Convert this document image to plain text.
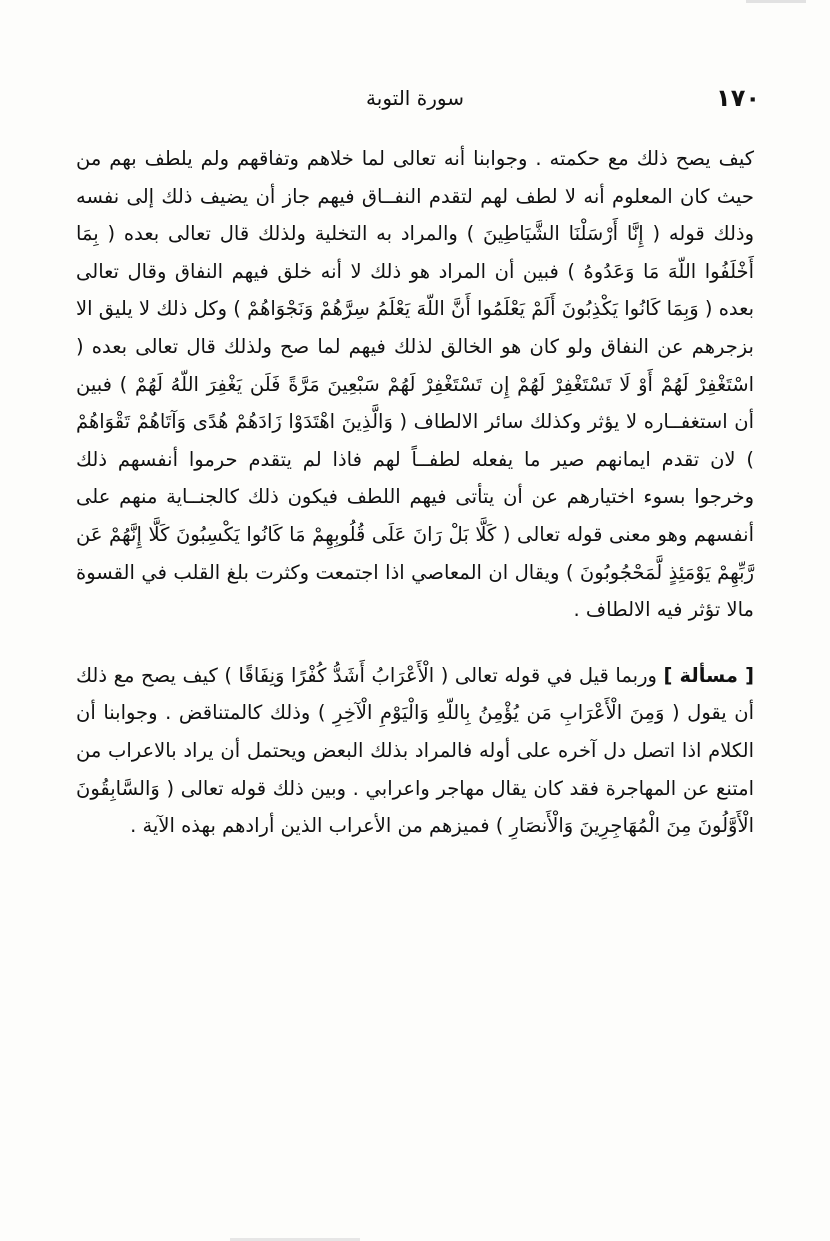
١٧٠
سورة التوبة

كيف يصح ذلك مع حكمته . وجوابنا أنه تعالى لما خلاهم وتفاقهم ولم يلطف بهم من حيث كان المعلوم أنه لا لطف لهم لتقدم النفــاق فيهم جاز أن يضيف ذلك إلى نفسه وذلك قوله ( إِنَّا أَرْسَلْنَا الشَّيَاطِينَ ) والمراد به التخلية ولذلك قال تعالى بعده ( بِمَا أَخْلَفُوا اللّهَ مَا وَعَدُوهُ ) فبين أن المراد هو ذلك لا أنه خلق فيهم النفاق وقال تعالى بعده ( وَبِمَا كَانُوا يَكْذِبُونَ أَلَمْ يَعْلَمُوا أَنَّ اللّهَ يَعْلَمُ سِرَّهُمْ وَنَجْوَاهُمْ ) وكل ذلك لا يليق الا بزجرهم عن النفاق ولو كان هو الخالق لذلك فيهم لما صح ولذلك قال تعالى بعده ( اسْتَغْفِرْ لَهُمْ أَوْ لَا تَسْتَغْفِرْ لَهُمْ إِن تَسْتَغْفِرْ لَهُمْ سَبْعِينَ مَرَّةً فَلَن يَغْفِرَ اللّهُ لَهُمْ ) فبين أن استغفــاره لا يؤثر وكذلك سائر الالطاف ( وَالَّذِينَ اهْتَدَوْا زَادَهُمْ هُدًى وَآتَاهُمْ تَقْوَاهُمْ ) لان تقدم ايمانهم صير ما يفعله لطفــاً لهم فاذا لم يتقدم حرموا أنفسهم ذلك وخرجوا بسوء اختيارهم عن أن يتأتى فيهم اللطف فيكون ذلك كالجنــاية منهم على أنفسهم وهو معنى قوله تعالى ( كَلَّا بَلْ رَانَ عَلَى قُلُوبِهِمْ مَا كَانُوا يَكْسِبُونَ كَلَّا إِنَّهُمْ عَن رَّبِّهِمْ يَوْمَئِذٍ لَّمَحْجُوبُونَ ) ويقال ان المعاصي اذا اجتمعت وكثرت بلغ القلب في القسوة مالا تؤثر فيه الالطاف .

[ مسألة ] وربما قيل في قوله تعالى ( الْأَعْرَابُ أَشَدُّ كُفْرًا وَنِفَاقًا ) كيف يصح مع ذلك أن يقول ( وَمِنَ الْأَعْرَابِ مَن يُؤْمِنُ بِاللّهِ وَالْيَوْمِ الْآخِرِ ) وذلك كالمتناقض . وجوابنا أن الكلام اذا اتصل دل آخره على أوله فالمراد بذلك البعض ويحتمل أن يراد بالاعراب من امتنع عن المهاجرة فقد كان يقال مهاجر واعرابي . وبين ذلك قوله تعالى ( وَالسَّابِقُونَ الْأَوَّلُونَ مِنَ الْمُهَاجِرِينَ وَالْأَنصَارِ ) فميزهم من الأعراب الذين أرادهم بهذه الآية .
